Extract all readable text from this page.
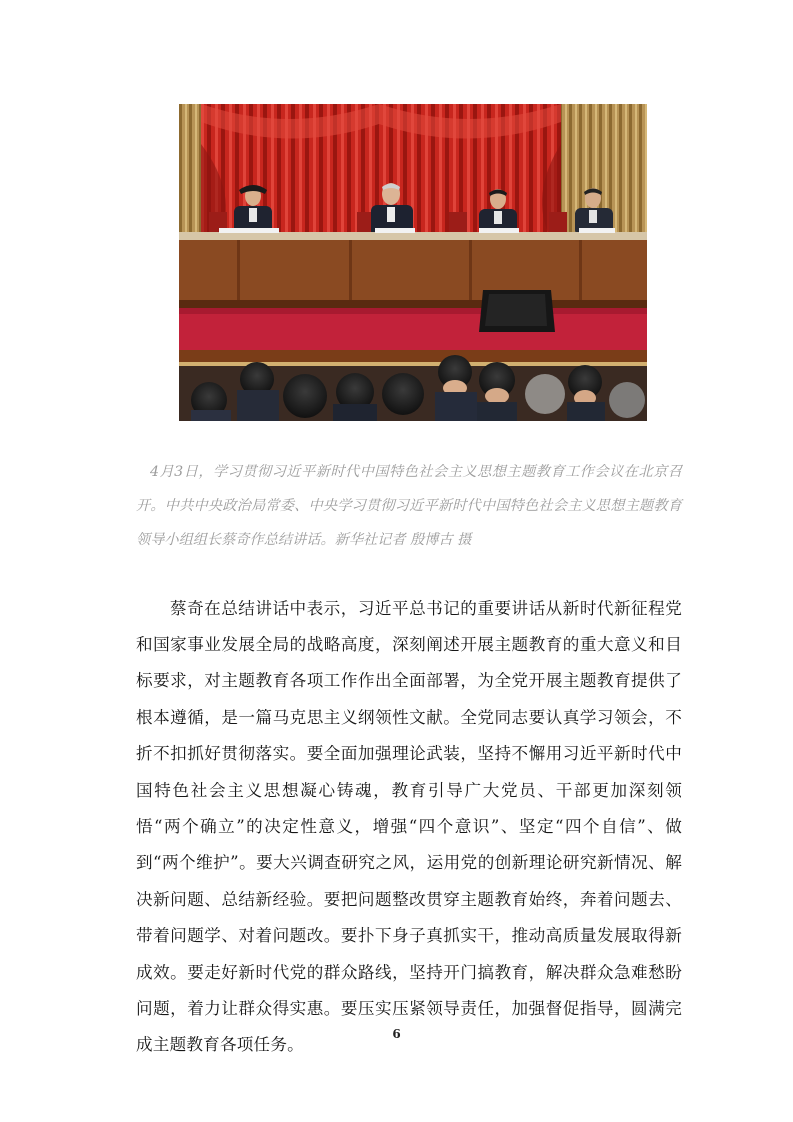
4月3日，学习贯彻习近平新时代中国特色社会主义思想主题教育工作会议在北京召开。中共中央政治局常委、中央学习贯彻习近平新时代中国特色社会主义思想主题教育领导小组组长蔡奇作总结讲话。新华社记者 殷博古 摄

蔡奇在总结讲话中表示，习近平总书记的重要讲话从新时代新征程党和国家事业发展全局的战略高度，深刻阐述开展主题教育的重大意义和目标要求，对主题教育各项工作作出全面部署，为全党开展主题教育提供了根本遵循，是一篇马克思主义纲领性文献。全党同志要认真学习领会，不折不扣抓好贯彻落实。要全面加强理论武装，坚持不懈用习近平新时代中国特色社会主义思想凝心铸魂，教育引导广大党员、干部更加深刻领悟“两个确立”的决定性意义，增强“四个意识”、坚定“四个自信”、做到“两个维护”。要大兴调查研究之风，运用党的创新理论研究新情况、解决新问题、总结新经验。要把问题整改贯穿主题教育始终，奔着问题去、带着问题学、对着问题改。要扑下身子真抓实干，推动高质量发展取得新成效。要走好新时代党的群众路线，坚持开门搞教育，解决群众急难愁盼问题，着力让群众得实惠。要压实压紧领导责任，加强督促指导，圆满完成主题教育各项任务。

6
